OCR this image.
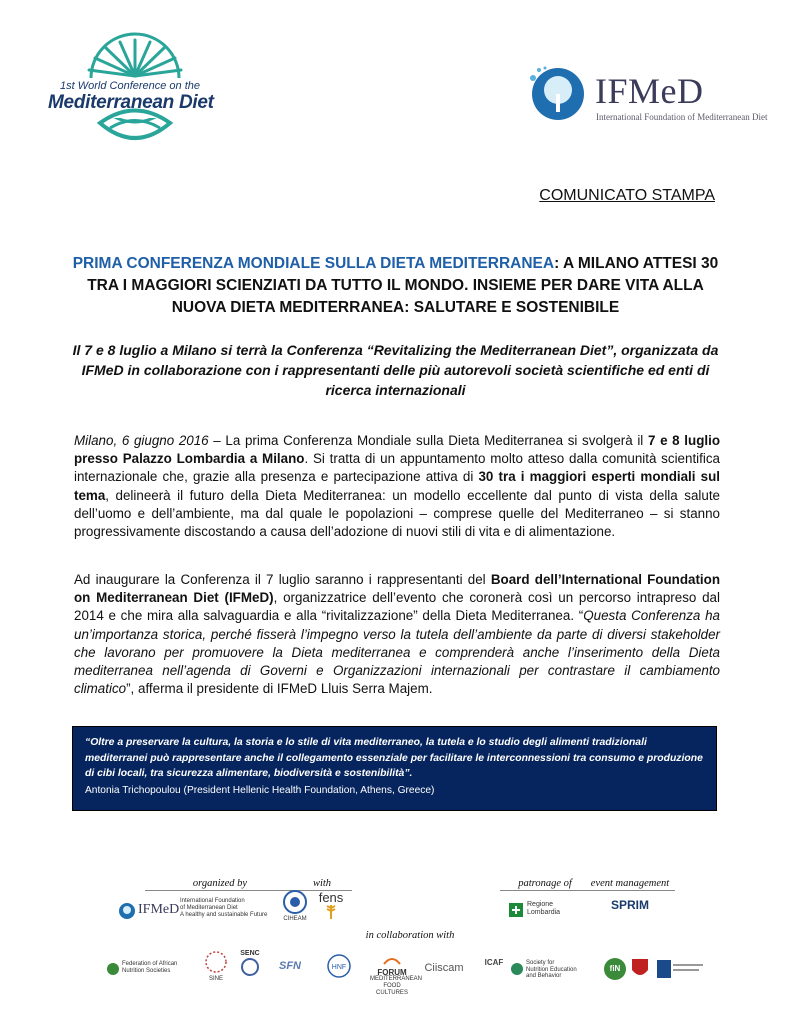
1st World Conference on the
Mediterranean Diet	IFMeD
International Foundation of Mediterranean Diet
COMUNICATO STAMPA
PRIMA CONFERENZA MONDIALE SULLA DIETA MEDITERRANEA: A MILANO ATTESI 30 TRA I MAGGIORI SCIENZIATI DA TUTTO IL MONDO. INSIEME PER DARE VITA ALLA NUOVA DIETA MEDITERRANEA: SALUTARE E SOSTENIBILE
Il 7 e 8 luglio a Milano si terrà la Conferenza “Revitalizing the Mediterranean Diet”, organizzata da IFMeD in collaborazione con i rappresentanti delle più autorevoli società scientifiche ed enti di ricerca internazionali
Milano, 6 giugno 2016 – La prima Conferenza Mondiale sulla Dieta Mediterranea si svolgerà il 7 e 8 luglio presso Palazzo Lombardia a Milano. Si tratta di un appuntamento molto atteso dalla comunità scientifica internazionale che, grazie alla presenza e partecipazione attiva di 30 tra i maggiori esperti mondiali sul tema, delineerà il futuro della Dieta Mediterranea: un modello eccellente dal punto di vista della salute dell’uomo e dell’ambiente, ma dal quale le popolazioni – comprese quelle del Mediterraneo – si stanno progressivamente discostando a causa dell’adozione di nuovi stili di vita e di alimentazione.
Ad inaugurare la Conferenza il 7 luglio saranno i rappresentanti del Board dell’International Foundation on Mediterranean Diet (IFMeD), organizzatrice dell’evento che coronerà così un percorso intrapreso dal 2014 e che mira alla salvaguardia e alla “rivitalizzazione” della Dieta Mediterranea. “Questa Conferenza ha un’importanza storica, perché fisserà l’impegno verso la tutela dell’ambiente da parte di diversi stakeholder che lavorano per promuovere la Dieta mediterranea e comprenderà anche l’inserimento della Dieta mediterranea nell’agenda di Governi e Organizzazioni internazionali per contrastare il cambiamento climatico”, afferma il presidente di IFMeD Lluis Serra Majem.
“Oltre a preservare la cultura, la storia e lo stile di vita mediterraneo, la tutela e lo studio degli alimenti tradizionali mediterranei può rappresentare anche il collegamento essenziale per facilitare le interconnessioni tra consumo e produzione di cibi locali, tra sicurezza alimentare, biodiversità e sostenibilità”.
Antonia Trichopoulou (President Hellenic Health Foundation, Athens, Greece)
organized by	with	patronage of	event management
IFMeD
International Foundation
of Mediterranean Diet
A healthy and sustainable Future
CIHEAM
fens	Regione
Lombardia
SPRIM
in collaboration with
Federation of African
Nutrition Societies
SINE
SENC
SFN	HNF
FORUM
MEDITERRANEAN
FOOD CULTURES
Ciiscam	ICAF	Society for
Nutrition Education
and Behavior
fiN
